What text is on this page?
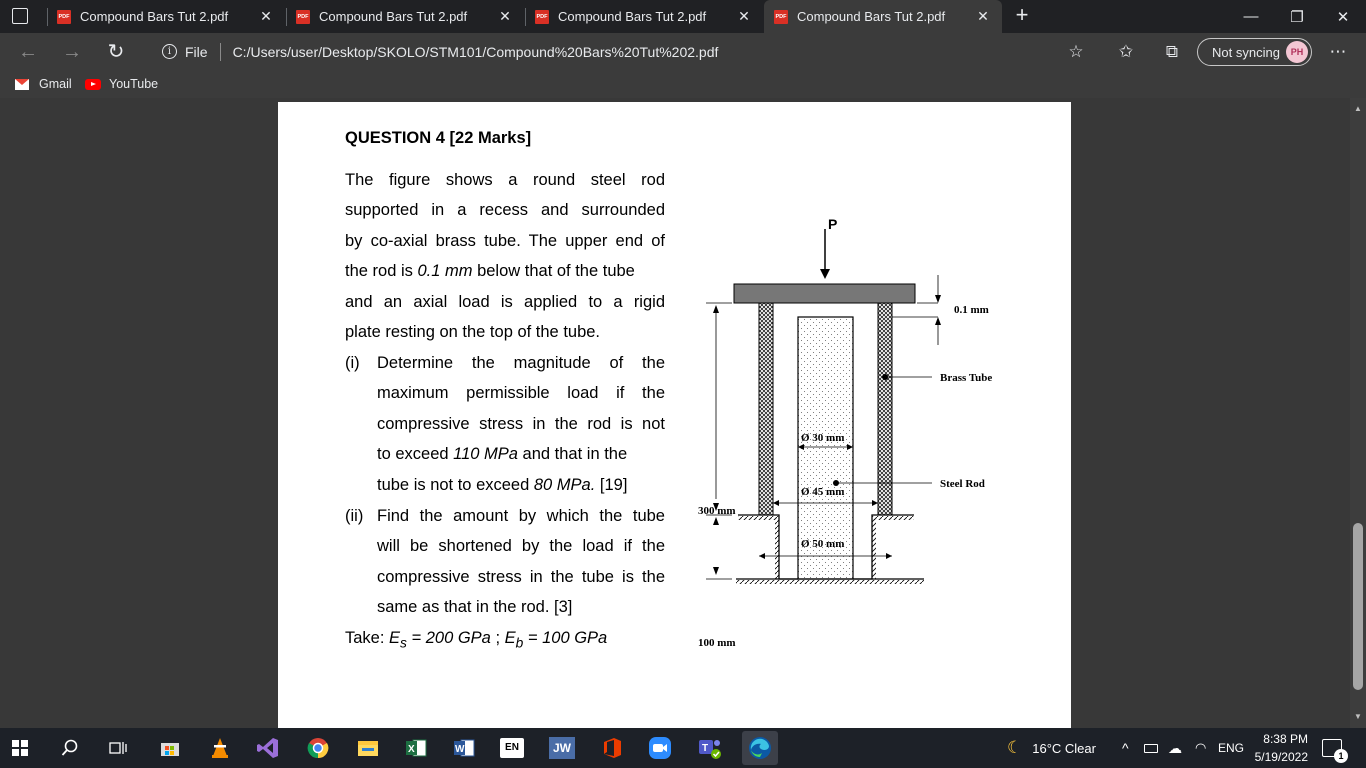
PDF Compound Bars Tut 2.pdf	✕	PDF Compound Bars Tut 2.pdf	✕	PDF Compound Bars Tut 2.pdf	✕	PDF Compound Bars Tut 2.pdf	✕ +	—	❐	✕
← → ↻	i File C:/Users/user/Desktop/SKOLO/STM101/Compound%20Bars%20Tut%202.pdf	☆ ✩	⧉	Not syncing	PH ⋯
Gmail	YouTube
QUESTION 4 [22 Marks]
The figure shows a round steel rod
supported in a recess and surrounded
by co-axial brass tube. The upper end of
the rod is 0.1 mm below that of the tube
and an axial load is applied to a rigid
plate resting on the top of the tube.
(i) Determine the magnitude of the
maximum permissible load if the
compressive stress in the rod is not
to exceed 110 MPa and that in the
tube is not to exceed 80 MPa. [19]
(ii) Find the amount by which the tube
will be shortened by the load if the
compressive stress in the tube is the
same as that in the rod. [3]
Take: $E_s = 200$ GPa ; $E_b = 100$ GPa
P
Ø 30 mm
Ø 45 mm
Ø 50 mm
300 mm
100 mm
0.1 mm
Brass Tube
Steel Rod
▲
▼
X	W	EN	JW	T	☾ 16°C Clear ^	☁ ◠ ENG
8:38 PM
5/19/2022	1
